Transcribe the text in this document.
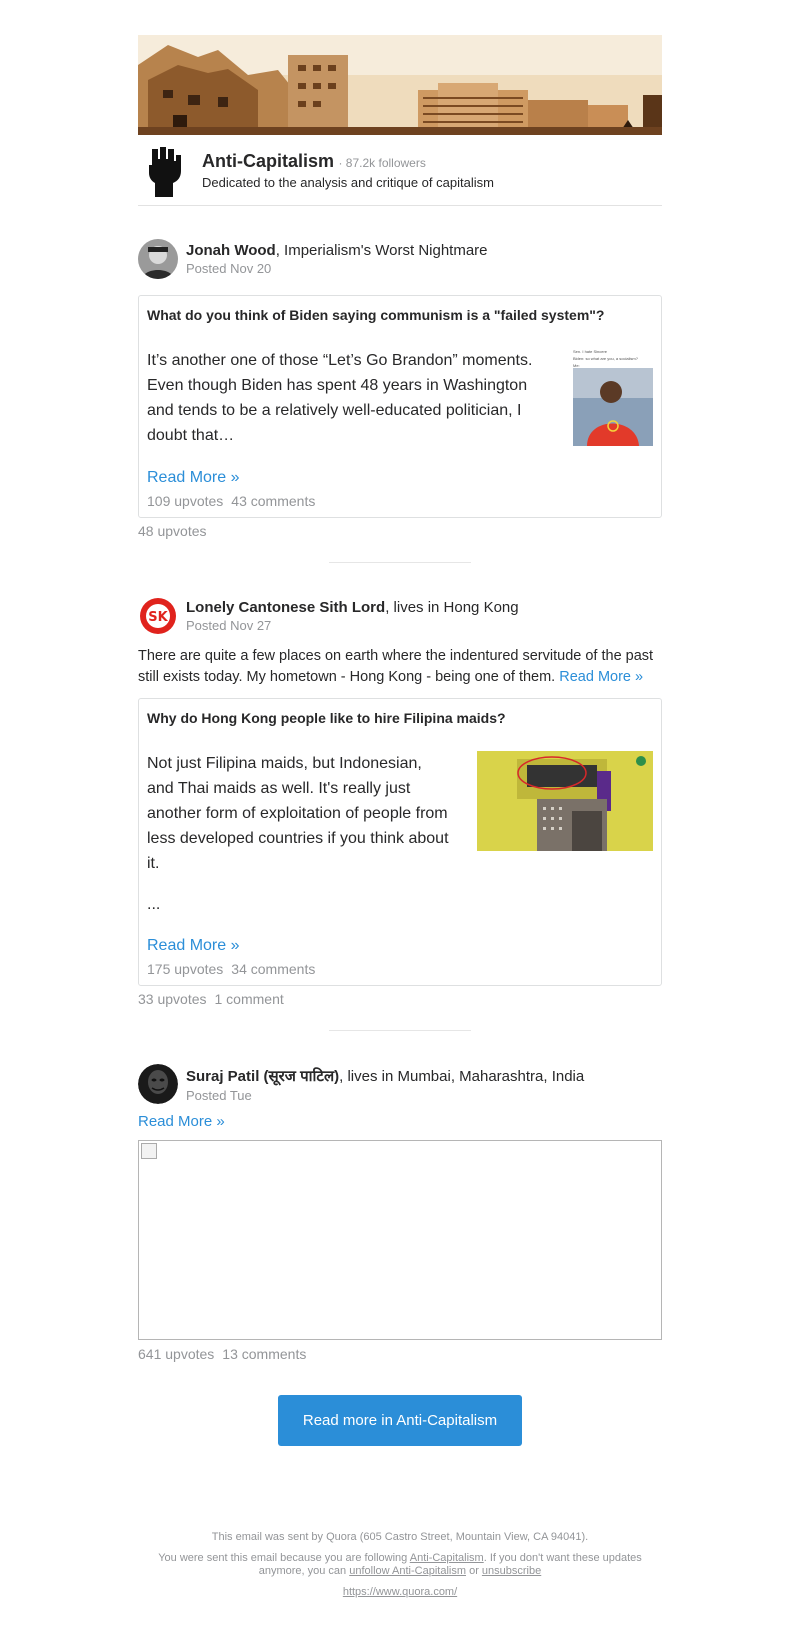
Anti-Capitalism · 87.2k followers
Dedicated to the analysis and critique of capitalism
Jonah Wood, Imperialism's Worst Nightmare
Posted Nov 20
What do you think of Biden saying communism is a "failed system"?
It’s another one of those “Let’s Go Brandon” moments. Even though Biden has spent 48 years in Washington and tends to be a relatively well-educated politician, I doubt that…
Sen. I hate Sincere
Biden: so what are you, a socialism?
Me:
Read More »
109 upvotes 43 comments
48 upvotes
SK
Lonely Cantonese Sith Lord, lives in Hong Kong
Posted Nov 27
There are quite a few places on earth where the indentured servitude of the past still exists today. My hometown - Hong Kong - being one of them. Read More »
Why do Hong Kong people like to hire Filipina maids?
Not just Filipina maids, but Indonesian, and Thai maids as well. It's really just another form of exploitation of people from less developed countries if you think about it.
...
Read More »
175 upvotes 34 comments
33 upvotes 1 comment
Suraj Patil (सूरज पाटिल), lives in Mumbai, Maharashtra, India
Posted Tue
Read More »
641 upvotes 13 comments
Read more in Anti-Capitalism

This email was sent by Quora (605 Castro Street, Mountain View, CA 94041).

You were sent this email because you are following Anti-Capitalism. If you don't want these updates anymore, you can unfollow Anti-Capitalism or unsubscribe

https://www.quora.com/
